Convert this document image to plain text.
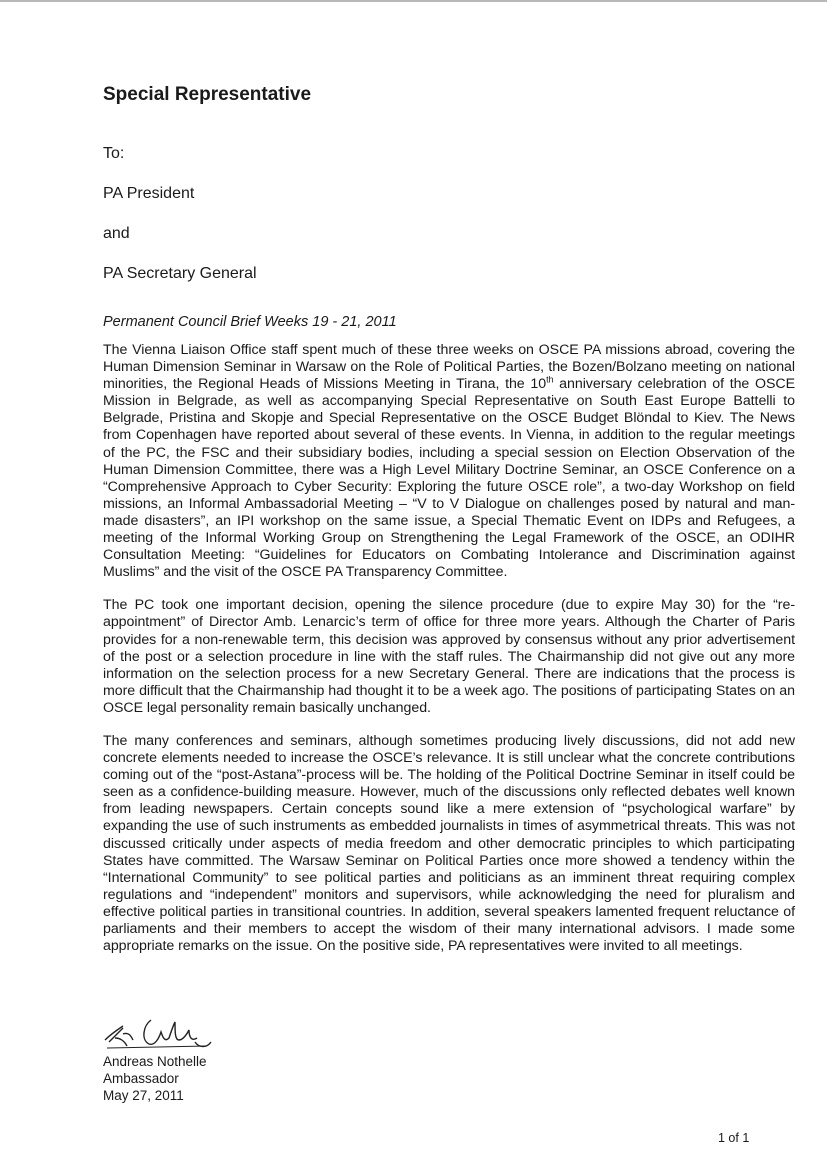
Special Representative
To:
PA President
and
PA Secretary General
Permanent Council Brief Weeks 19 - 21, 2011

The Vienna Liaison Office staff spent much of these three weeks on OSCE PA missions abroad, covering the Human Dimension Seminar in Warsaw on the Role of Political Parties, the Bozen/Bolzano meeting on national minorities, the Regional Heads of Missions Meeting in Tirana, the 10th anniversary celebration of the OSCE Mission in Belgrade, as well as accompanying Special Representative on South East Europe Battelli to Belgrade, Pristina and Skopje and Special Representative on the OSCE Budget Blöndal to Kiev. The News from Copenhagen have reported about several of these events. In Vienna, in addition to the regular meetings of the PC, the FSC and their subsidiary bodies, including a special session on Election Observation of the Human Dimension Committee, there was a High Level Military Doctrine Seminar, an OSCE Conference on a “Comprehensive Approach to Cyber Security: Exploring the future OSCE role”, a two-day Workshop on field missions, an Informal Ambassadorial Meeting – “V to V Dialogue on challenges posed by natural and man-made disasters”, an IPI workshop on the same issue, a Special Thematic Event on IDPs and Refugees, a meeting of the Informal Working Group on Strengthening the Legal Framework of the OSCE, an ODIHR Consultation Meeting: “Guidelines for Educators on Combating Intolerance and Discrimination against Muslims” and the visit of the OSCE PA Transparency Committee.

The PC took one important decision, opening the silence procedure (due to expire May 30) for the “re-appointment” of Director Amb. Lenarcic’s term of office for three more years. Although the Charter of Paris provides for a non-renewable term, this decision was approved by consensus without any prior advertisement of the post or a selection procedure in line with the staff rules. The Chairmanship did not give out any more information on the selection process for a new Secretary General. There are indications that the process is more difficult that the Chairmanship had thought it to be a week ago. The positions of participating States on an OSCE legal personality remain basically unchanged.

The many conferences and seminars, although sometimes producing lively discussions, did not add new concrete elements needed to increase the OSCE’s relevance. It is still unclear what the concrete contributions coming out of the “post-Astana”-process will be. The holding of the Political Doctrine Seminar in itself could be seen as a confidence-building measure. However, much of the discussions only reflected debates well known from leading newspapers. Certain concepts sound like a mere extension of “psychological warfare” by expanding the use of such instruments as embedded journalists in times of asymmetrical threats. This was not discussed critically under aspects of media freedom and other democratic principles to which participating States have committed. The Warsaw Seminar on Political Parties once more showed a tendency within the “International Community” to see political parties and politicians as an imminent threat requiring complex regulations and “independent” monitors and supervisors, while acknowledging the need for pluralism and effective political parties in transitional countries. In addition, several speakers lamented frequent reluctance of parliaments and their members to accept the wisdom of their many international advisors. I made some appropriate remarks on the issue. On the positive side, PA representatives were invited to all meetings.

Andreas Nothelle
Ambassador
May 27, 2011
1 of 1
